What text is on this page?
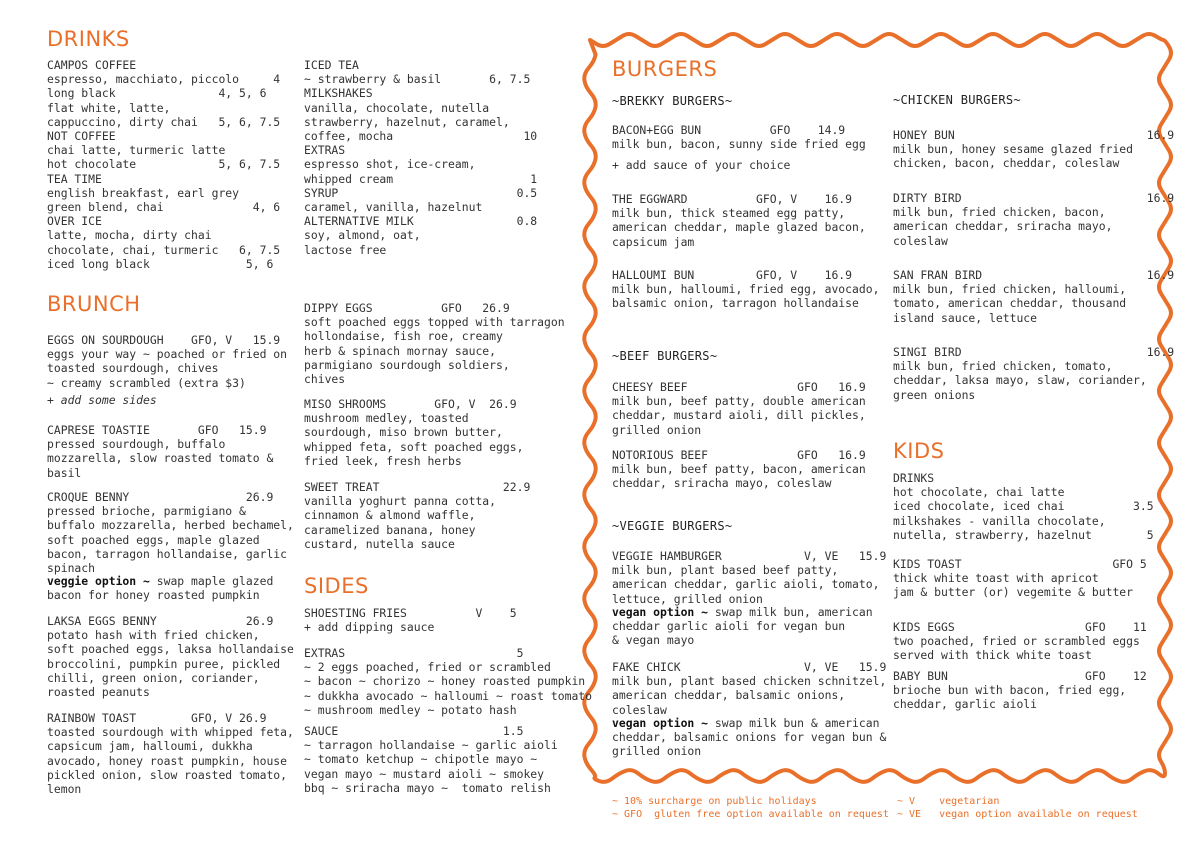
DRINKS
CAMPOS COFFEE
espresso, macchiato, piccolo     4
long black               4, 5, 6
flat white, latte,
cappuccino, dirty chai   5, 6, 7.5
NOT COFFEE
chai latte, turmeric latte
hot chocolate            5, 6, 7.5
TEA TIME
english breakfast, earl grey
green blend, chai             4, 6
OVER ICE
latte, mocha, dirty chai
chocolate, chai, turmeric   6, 7.5
iced long black              5, 6
ICED TEA
~ strawberry & basil       6, 7.5
MILKSHAKES
vanilla, chocolate, nutella
strawberry, hazelnut, caramel,
coffee, mocha                   10
EXTRAS
espresso shot, ice-cream,
whipped cream                    1
SYRUP                          0.5
caramel, vanilla, hazelnut
ALTERNATIVE MILK               0.8
soy, almond, oat,
lactose free
BRUNCH
EGGS ON SOURDOUGH    GFO, V   15.9
eggs your way ~ poached or fried on
toasted sourdough, chives
~ creamy scrambled (extra $3)
+ add some sides
CAPRESE TOASTIE       GFO   15.9
pressed sourdough, buffalo
mozzarella, slow roasted tomato &
basil
CROQUE BENNY                 26.9
pressed brioche, parmigiano &
buffalo mozzarella, herbed bechamel,
soft poached eggs, maple glazed
bacon, tarragon hollandaise, garlic
spinach
veggie option ~ swap maple glazed
bacon for honey roasted pumpkin
LAKSA EGGS BENNY             26.9
potato hash with fried chicken,
soft poached eggs, laksa hollandaise
broccolini, pumpkin puree, pickled
chilli, green onion, coriander,
roasted peanuts
RAINBOW TOAST        GFO, V 26.9
toasted sourdough with whipped feta,
capsicum jam, halloumi, dukkha
avocado, honey roast pumpkin, house
pickled onion, slow roasted tomato,
lemon
DIPPY EGGS          GFO   26.9
soft poached eggs topped with tarragon
hollondaise, fish roe, creamy
herb & spinach mornay sauce,
parmigiano sourdough soldiers,
chives
MISO SHROOMS       GFO, V  26.9
mushroom medley, toasted
sourdough, miso brown butter,
whipped feta, soft poached eggs,
fried leek, fresh herbs
SWEET TREAT                  22.9
vanilla yoghurt panna cotta,
cinnamon & almond waffle,
caramelized banana, honey
custard, nutella sauce
SIDES
SHOESTING FRIES          V    5
+ add dipping sauce
EXTRAS                         5
~ 2 eggs poached, fried or scrambled
~ bacon ~ chorizo ~ honey roasted pumpkin
~ dukkha avocado ~ halloumi ~ roast tomato
~ mushroom medley ~ potato hash
SAUCE                        1.5
~ tarragon hollandaise ~ garlic aioli
~ tomato ketchup ~ chipotle mayo ~
vegan mayo ~ mustard aioli ~ smokey
bbq ~ sriracha mayo ~  tomato relish
BURGERS
~BREKKY BURGERS~
BACON+EGG BUN          GFO    14.9
milk bun, bacon, sunny side fried egg
+ add sauce of your choice
THE EGGWARD          GFO, V    16.9
milk bun, thick steamed egg patty,
american cheddar, maple glazed bacon,
capsicum jam
HALLOUMI BUN         GFO, V    16.9
milk bun, halloumi, fried egg, avocado,
balsamic onion, tarragon hollandaise
~BEEF BURGERS~
CHEESY BEEF                GFO   16.9
milk bun, beef patty, double american
cheddar, mustard aioli, dill pickles,
grilled onion
NOTORIOUS BEEF             GFO   16.9
milk bun, beef patty, bacon, american
cheddar, sriracha mayo, coleslaw
~VEGGIE BURGERS~
VEGGIE HAMBURGER            V, VE   15.9
milk bun, plant based beef patty,
american cheddar, garlic aioli, tomato,
lettuce, grilled onion
vegan option ~ swap milk bun, american
cheddar garlic aioli for vegan bun
& vegan mayo
FAKE CHICK                  V, VE   15.9
milk bun, plant based chicken schnitzel,
american cheddar, balsamic onions,
coleslaw
vegan option ~ swap milk bun & american
cheddar, balsamic onions for vegan bun &
grilled onion
~CHICKEN BURGERS~
HONEY BUN                            16.9
milk bun, honey sesame glazed fried
chicken, bacon, cheddar, coleslaw
DIRTY BIRD                           16.9
milk bun, fried chicken, bacon,
american cheddar, sriracha mayo,
coleslaw
SAN FRAN BIRD                        16.9
milk bun, fried chicken, halloumi,
tomato, american cheddar, thousand
island sauce, lettuce
SINGI BIRD                           16.9
milk bun, fried chicken, tomato,
cheddar, laksa mayo, slaw, coriander,
green onions
KIDS
DRINKS
hot chocolate, chai latte
iced chocolate, iced chai          3.5
milkshakes - vanilla chocolate,
nutella, strawberry, hazelnut        5
KIDS TOAST                      GFO 5
thick white toast with apricot
jam & butter (or) vegemite & butter
KIDS EGGS                   GFO    11
two poached, fried or scrambled eggs
served with thick white toast
BABY BUN                    GFO    12
brioche bun with bacon, fried egg,
cheddar, garlic aioli
~ 10% surcharge on public holidays
~ GFO  gluten free option available on request
~ V    vegetarian
~ VE   vegan option available on request
